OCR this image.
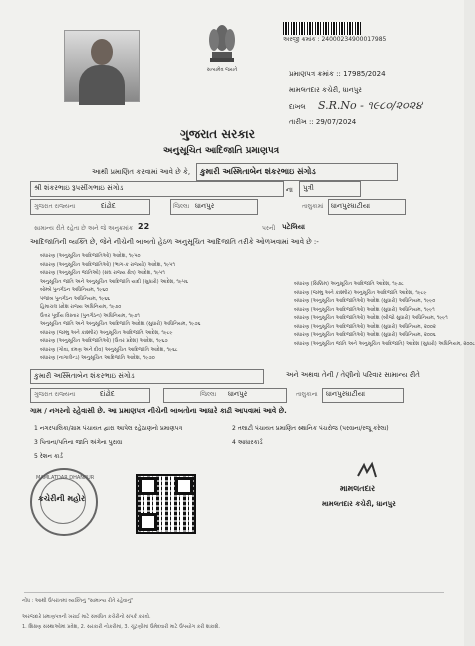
સત્યમેવ જયતે
અરજી ક્રમાંક : 24000234900017985
પ્રમાણપત્ર ક્રમાંક :: 17985/2024
મામલતદાર કચેરી, ધાનપુર
દાખલ S.R.No - ૧૯૮૦/૨૦૨૪
તારીખ :: 29/07/2024
ગુજરાત સરકાર
અનુસૂચિત આદિજાતિ પ્રમાણપત્ર
આથી પ્રમાણિત કરવામાં આવે છે કે, કુમારી અસ્મિતાબેન શંકરભાઇ સંગોડ
શ્રી શંકરભાઇ રૂપસીંગભાઇ સંગોડ	ના પુત્રી
ગુજરાત રાજ્યના	દાંઢોદ	જિલ્લા ધાનપુર	તાલુકામાં ધાનપુરઘાટીયા
સામાન્ય રીતે રહેતા છે અને જે અનુક્રમાંક 22	પરની પટેલિયા
આદિજાતિની વ્યક્તિ છે, જેને નીચેની બાબતો હેઠળ અનુસૂચિત આદિજાતિ તરીકે ઓળખવામાં આવે છે :-
બંધારણ (અનુસૂચિત આદિજાતિઓ) આદેશ, ૧૯૫૦
બંધારણ (અનુસૂચિત આદિજાતિઓ) (ભાગ-ક રાજ્યો) આદેશ, ૧૯૫૧
બંધારણ (અનુસૂચિત જાતિઓ) (સંઘ રાજ્ય ક્ષેત્ર) આદેશ, ૧૯૫૧
અનુસૂચિત જાતિ અને અનુસૂચિત આદિજાતિ યાદી (સુધારો) આદેશ, ૧૯૫૬
બોમ્બે પુનર્ગઠન અધિનિયમ, ૧૯૬૦
પંજાબ પુનર્ગઠન અધિનિયમ, ૧૯૬૬
હિમાચલ પ્રદેશ રાજ્ય અધિનિયમ, ૧૯૭૦
ઉત્તર પૂર્વીય વિસ્તાર (પુનર્ગઠન) અધિનિયમ, ૧૯૭૧
અનુસૂચિત જાતિ અને અનુસૂચિત આદિજાતિ આદેશ (સુધારો) અધિનિયમ, ૧૯૭૬
બંધારણ (જમ્મુ અને કાશ્મીર) અનુસૂચિત આદિજાતિ આદેશ, ૧૯૮૯
બંધારણ (અનુસૂચિત આદિજાતિઓ) (ઉત્તર પ્રદેશ) આદેશ, ૧૯૬૭
બંધારણ (ગોવા, દમણ અને દીવ) અનુસૂચિત આદિજાતિ આદેશ, ૧૯૬૮
બંધારણ (નાગાલેન્ડ) અનુસૂચિત આદિજાતિ આદેશ, ૧૯૭૦
બંધારણ (સિક્કિમ) અનુસૂચિત આદિજાતિ આદેશ, ૧૯૭૮
બંધારણ (જમ્મુ અને કાશ્મીર) અનુસૂચિત આદિજાતિ આદેશ, ૧૯૮૯
બંધારણ (અનુસૂચિત આદિજાતિઓ) આદેશ (સુધારો) અધિનિયમ, ૧૯૯૦
બંધારણ (અનુસૂચિત આદિજાતિઓ) આદેશ (સુધારો) અધિનિયમ, ૧૯૯૧
બંધારણ (અનુસૂચિત આદિજાતિઓ) આદેશ (બીજો સુધારો) અધિનિયમ, ૧૯૯૧
બંધારણ (અનુસૂચિત આદિજાતિઓ) આદેશ (સુધારો) અધિનિયમ, ૨૦૦૨
બંધારણ (અનુસૂચિત આદિજાતિઓ) આદેશ (સુધારો) અધિનિયમ, ૨૦૦૬
બંધારણ (અનુસૂચિત જાતિ અને અનુસૂચિત આદિજાતિ) આદેશ (સુધારો) અધિનિયમ, ૨૦૦૮
કુમારી અસ્મિતાબેન શંકરભાઇ સંગોડ	અને અથવા તેની / તેણીનો પરિવાર સામાન્ય રીતે
ગુજરાત રાજ્યના	દાંઢોદ	જિલ્લા ધાનપુર	તાલુકાના ધાનપુરઘાટીયા
ગામ / નગરનો રહેવાસી છે. આ પ્રમાણપત્ર નીચેની બાબતોના આધારે કાઢી આપવામાં આવે છે.
1 નગરપાલિકા/ગ્રામ પંચાયત દ્વારા આપેલ રહેઠાણનો પ્રમાણપત્ર
3 પિતાના/પતિના જાતિ અંગેના પુરાવા
5 રેશન કાર્ડ
2 તલાટી પંચાયત પ્રમાણિત સ્થાનિક પંચરોજ (પરવાના/રજૂ કરેલા)
4 આધારકાર્ડ
MAMLATDAR DHANPUR
કચેરીની મહોર
મામલતદાર
મામલતદાર કચેરી, ધાનપુર
નોંધ : આથી ઉપરાંતમાં વ્યક્તિનું "સામાન્ય રીતે રહેવાનું"
અરજદારે પ્રમાણપત્રની ખરાઈ માટે સંબંધિત કચેરીનો સંપર્ક કરવો.
1. શિક્ષણ સંસ્થાઓમાં પ્રવેશ, 2. સરકારી નોકરીમાં, 3. ચૂંટણીમાં ઉમેદવારી માટે ઉપયોગ કરી શકાશે.
